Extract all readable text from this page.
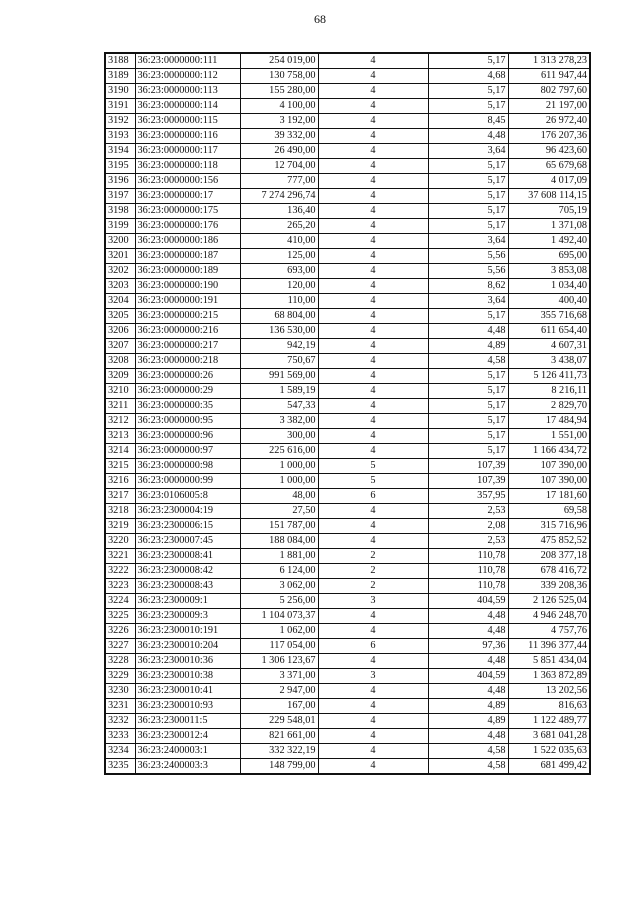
68
3188	36:23:0000000:111	254 019,00	4	5,17	1 313 278,23
3189	36:23:0000000:112	130 758,00	4	4,68	611 947,44
3190	36:23:0000000:113	155 280,00	4	5,17	802 797,60
3191	36:23:0000000:114	4 100,00	4	5,17	21 197,00
3192	36:23:0000000:115	3 192,00	4	8,45	26 972,40
3193	36:23:0000000:116	39 332,00	4	4,48	176 207,36
3194	36:23:0000000:117	26 490,00	4	3,64	96 423,60
3195	36:23:0000000:118	12 704,00	4	5,17	65 679,68
3196	36:23:0000000:156	777,00	4	5,17	4 017,09
3197	36:23:0000000:17	7 274 296,74	4	5,17	37 608 114,15
3198	36:23:0000000:175	136,40	4	5,17	705,19
3199	36:23:0000000:176	265,20	4	5,17	1 371,08
3200	36:23:0000000:186	410,00	4	3,64	1 492,40
3201	36:23:0000000:187	125,00	4	5,56	695,00
3202	36:23:0000000:189	693,00	4	5,56	3 853,08
3203	36:23:0000000:190	120,00	4	8,62	1 034,40
3204	36:23:0000000:191	110,00	4	3,64	400,40
3205	36:23:0000000:215	68 804,00	4	5,17	355 716,68
3206	36:23:0000000:216	136 530,00	4	4,48	611 654,40
3207	36:23:0000000:217	942,19	4	4,89	4 607,31
3208	36:23:0000000:218	750,67	4	4,58	3 438,07
3209	36:23:0000000:26	991 569,00	4	5,17	5 126 411,73
3210	36:23:0000000:29	1 589,19	4	5,17	8 216,11
3211	36:23:0000000:35	547,33	4	5,17	2 829,70
3212	36:23:0000000:95	3 382,00	4	5,17	17 484,94
3213	36:23:0000000:96	300,00	4	5,17	1 551,00
3214	36:23:0000000:97	225 616,00	4	5,17	1 166 434,72
3215	36:23:0000000:98	1 000,00	5	107,39	107 390,00
3216	36:23:0000000:99	1 000,00	5	107,39	107 390,00
3217	36:23:0106005:8	48,00	6	357,95	17 181,60
3218	36:23:2300004:19	27,50	4	2,53	69,58
3219	36:23:2300006:15	151 787,00	4	2,08	315 716,96
3220	36:23:2300007:45	188 084,00	4	2,53	475 852,52
3221	36:23:2300008:41	1 881,00	2	110,78	208 377,18
3222	36:23:2300008:42	6 124,00	2	110,78	678 416,72
3223	36:23:2300008:43	3 062,00	2	110,78	339 208,36
3224	36:23:2300009:1	5 256,00	3	404,59	2 126 525,04
3225	36:23:2300009:3	1 104 073,37	4	4,48	4 946 248,70
3226	36:23:2300010:191	1 062,00	4	4,48	4 757,76
3227	36:23:2300010:204	117 054,00	6	97,36	11 396 377,44
3228	36:23:2300010:36	1 306 123,67	4	4,48	5 851 434,04
3229	36:23:2300010:38	3 371,00	3	404,59	1 363 872,89
3230	36:23:2300010:41	2 947,00	4	4,48	13 202,56
3231	36:23:2300010:93	167,00	4	4,89	816,63
3232	36:23:2300011:5	229 548,01	4	4,89	1 122 489,77
3233	36:23:2300012:4	821 661,00	4	4,48	3 681 041,28
3234	36:23:2400003:1	332 322,19	4	4,58	1 522 035,63
3235	36:23:2400003:3	148 799,00	4	4,58	681 499,42
